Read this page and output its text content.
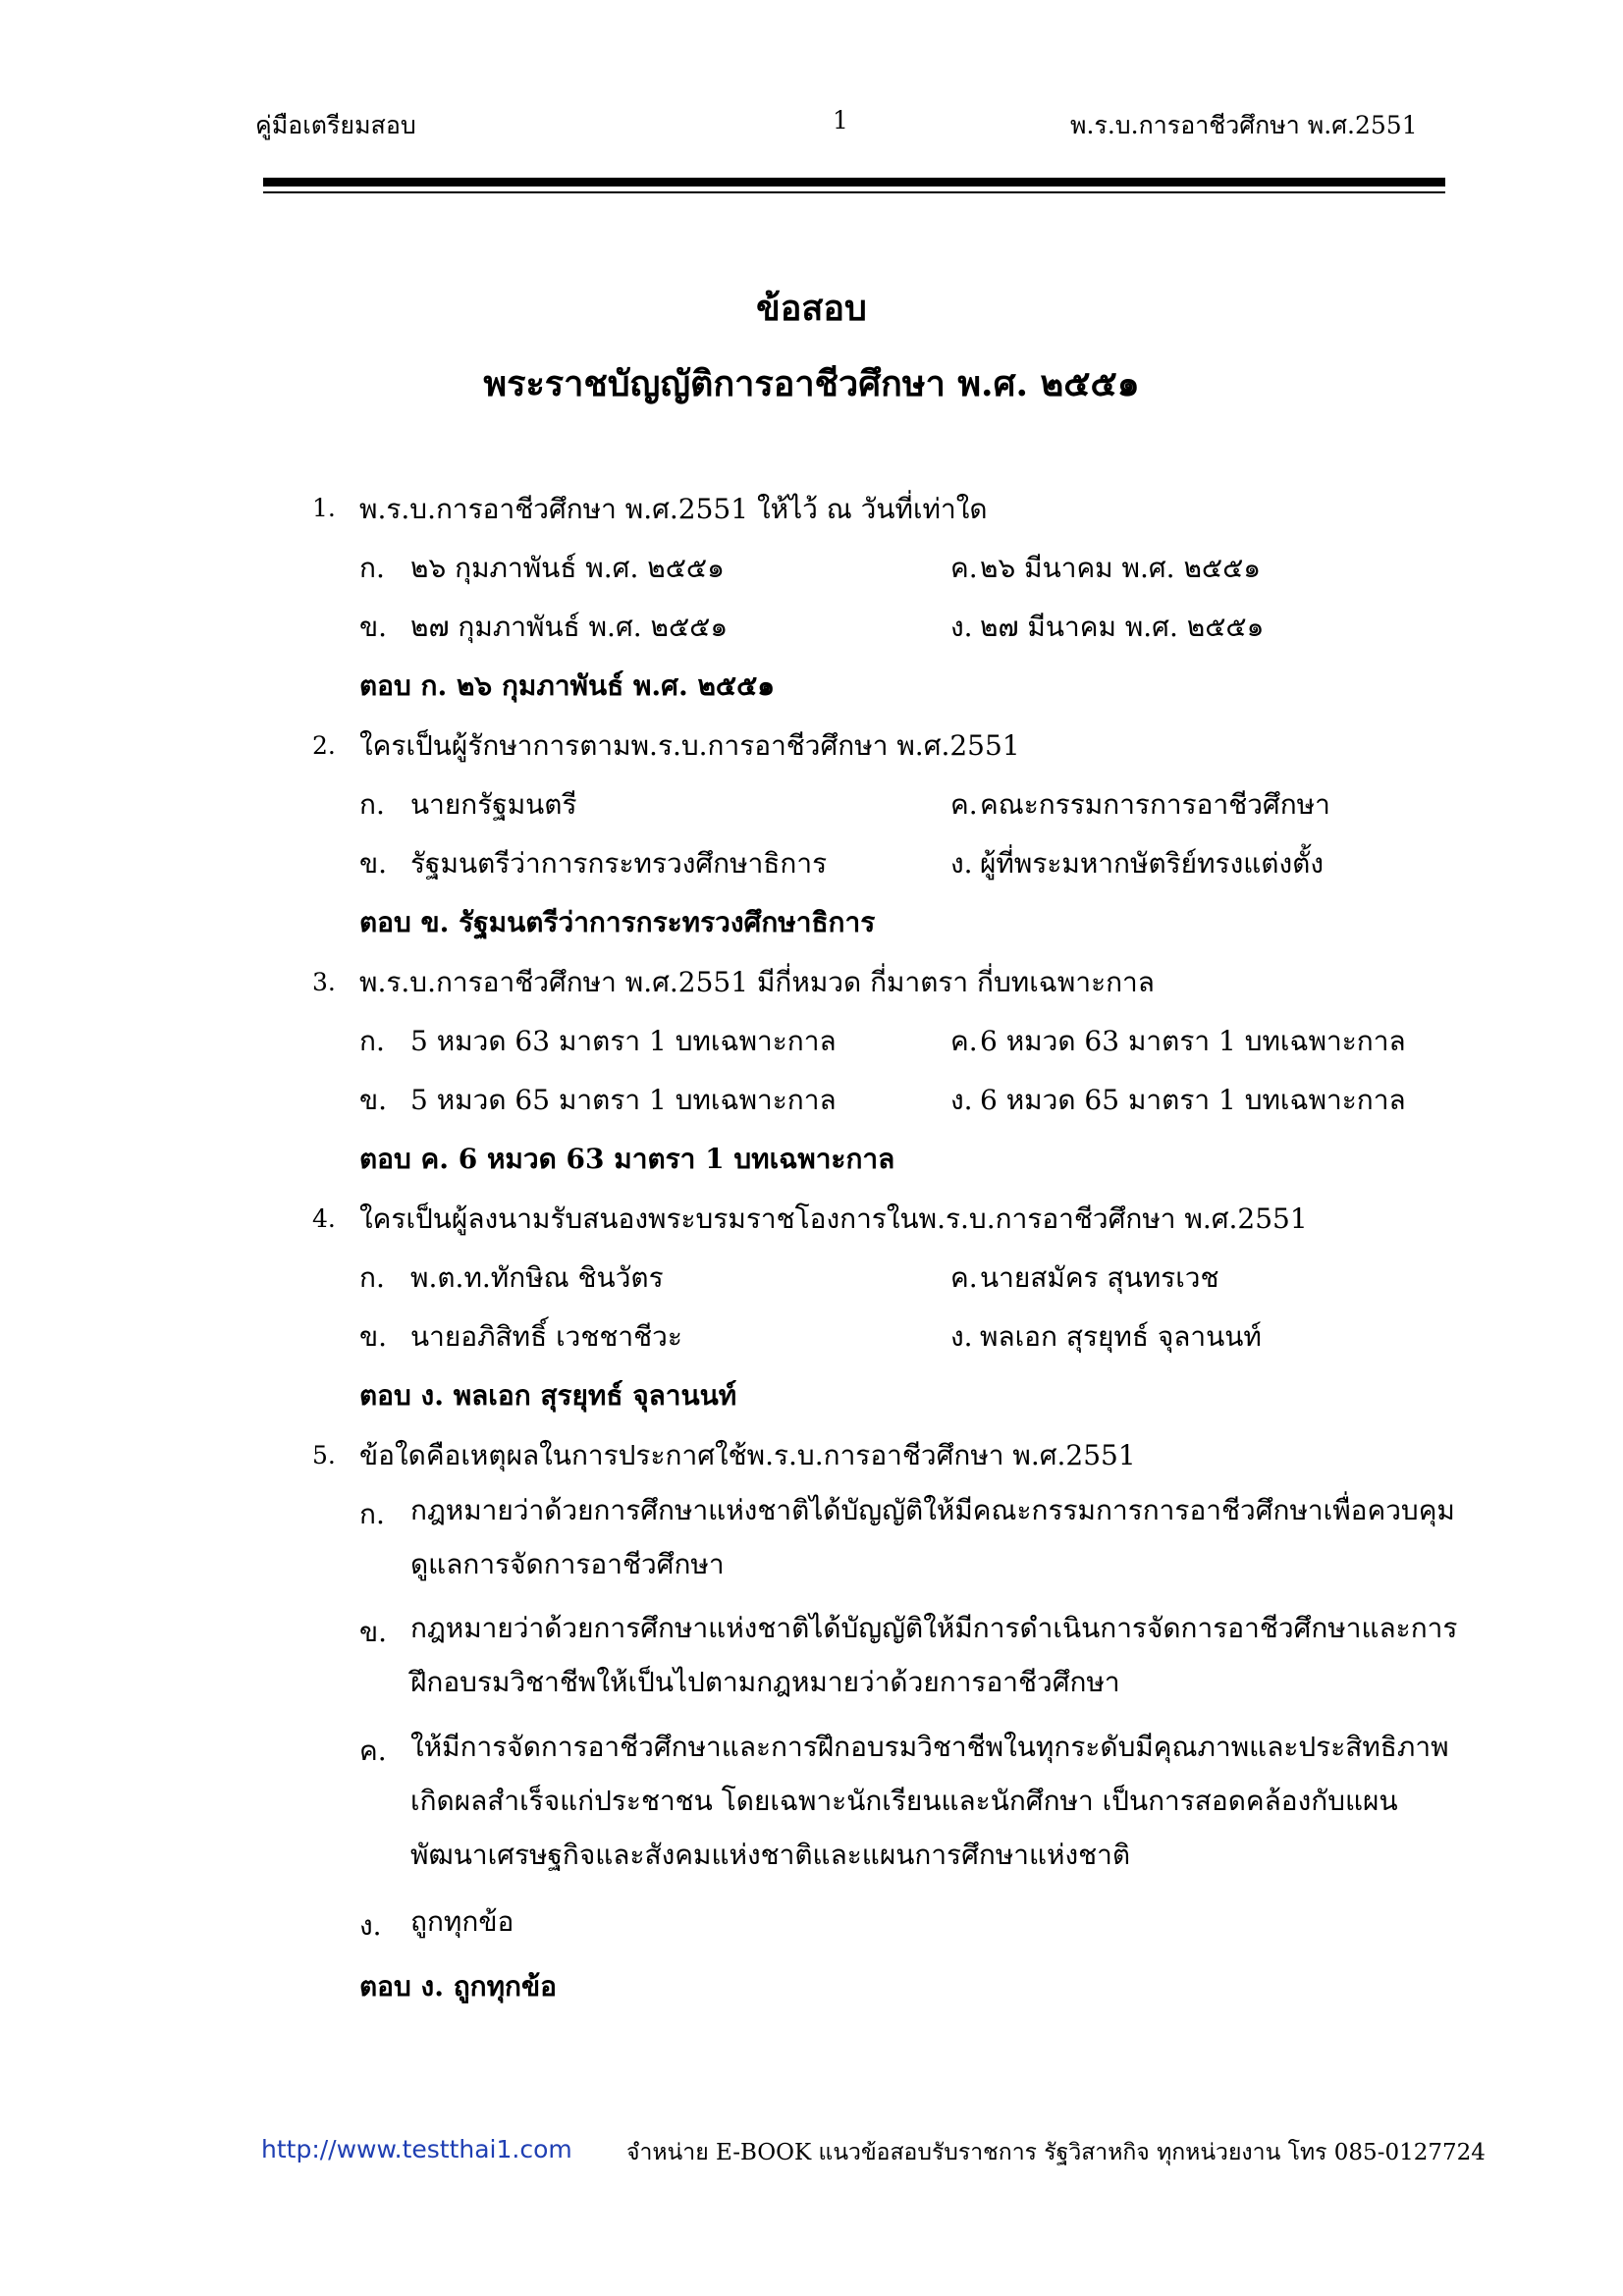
คู่มือเตรียมสอบ	1	พ.ร.บ.การอาชีวศึกษา พ.ศ.2551
ข้อสอบ
พระราชบัญญัติการอาชีวศึกษา พ.ศ. ๒๕๕๑
1. พ.ร.บ.การอาชีวศึกษา พ.ศ.2551 ให้ไว้ ณ วันที่เท่าใด
ก. ๒๖ กุมภาพันธ์ พ.ศ. ๒๕๕๑	ค.๒๖ มีนาคม พ.ศ. ๒๕๕๑
ข. ๒๗ กุมภาพันธ์ พ.ศ. ๒๕๕๑	ง. ๒๗ มีนาคม พ.ศ. ๒๕๕๑
ตอบ ก. ๒๖ กุมภาพันธ์ พ.ศ. ๒๕๕๑
2. ใครเป็นผู้รักษาการตามพ.ร.บ.การอาชีวศึกษา พ.ศ.2551
ก. นายกรัฐมนตรี	ค.คณะกรรมการการอาชีวศึกษา
ข. รัฐมนตรีว่าการกระทรวงศึกษาธิการ	ง. ผู้ที่พระมหากษัตริย์ทรงแต่งตั้ง
ตอบ ข. รัฐมนตรีว่าการกระทรวงศึกษาธิการ
3. พ.ร.บ.การอาชีวศึกษา พ.ศ.2551 มีกี่หมวด กี่มาตรา กี่บทเฉพาะกาล
ก. 5 หมวด 63 มาตรา 1 บทเฉพาะกาล	ค.6 หมวด 63 มาตรา 1 บทเฉพาะกาล
ข. 5 หมวด 65 มาตรา 1 บทเฉพาะกาล	ง. 6 หมวด 65 มาตรา 1 บทเฉพาะกาล
ตอบ ค. 6 หมวด 63 มาตรา 1 บทเฉพาะกาล
4. ใครเป็นผู้ลงนามรับสนองพระบรมราชโองการในพ.ร.บ.การอาชีวศึกษา พ.ศ.2551
ก. พ.ต.ท.ทักษิณ ชินวัตร	ค.นายสมัคร สุนทรเวช
ข. นายอภิสิทธิ์ เวชชาชีวะ	ง. พลเอก สุรยุทธ์ จุลานนท์
ตอบ ง. พลเอก สุรยุทธ์ จุลานนท์
5. ข้อใดคือเหตุผลในการประกาศใช้พ.ร.บ.การอาชีวศึกษา พ.ศ.2551
ก. กฎหมายว่าด้วยการศึกษาแห่งชาติได้บัญญัติให้มีคณะกรรมการการอาชีวศึกษาเพื่อควบคุมดูแลการจัดการอาชีวศึกษา
ข. กฎหมายว่าด้วยการศึกษาแห่งชาติได้บัญญัติให้มีการดำเนินการจัดการอาชีวศึกษาและการฝึกอบรมวิชาชีพให้เป็นไปตามกฎหมายว่าด้วยการอาชีวศึกษา
ค. ให้มีการจัดการอาชีวศึกษาและการฝึกอบรมวิชาชีพในทุกระดับมีคุณภาพและประสิทธิภาพเกิดผลสำเร็จแก่ประชาชน โดยเฉพาะนักเรียนและนักศึกษา เป็นการสอดคล้องกับแผนพัฒนาเศรษฐกิจและสังคมแห่งชาติและแผนการศึกษาแห่งชาติ
ง. ถูกทุกข้อ
ตอบ ง. ถูกทุกข้อ
http://www.testthai1.com จำหน่าย E-BOOK แนวข้อสอบรับราชการ รัฐวิสาหกิจ ทุกหน่วยงาน โทร 085-0127724
